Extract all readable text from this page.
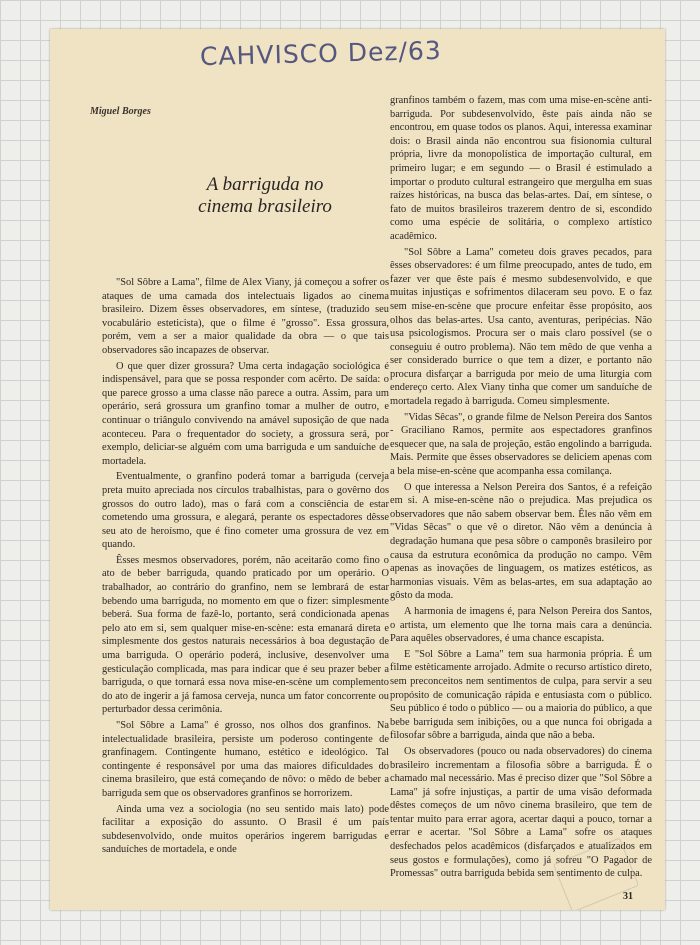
CAHVISCO Dez/63
Miguel Borges
A barriguda no
cinema brasileiro

"Sol Sôbre a Lama", filme de Alex Viany, já começou a sofrer os ataques de uma camada dos intelectuais ligados ao cinema brasileiro. Dizem êsses observadores, em síntese, (traduzido seu vocabulário esteticista), que o filme é "grosso". Essa grossura, porém, vem a ser a maior qualidade da obra — o que tais observadores são incapazes de observar.

O que quer dizer grossura? Uma certa indagação sociológica é indispensável, para que se possa responder com acêrto. De saída: o que parece grosso a uma classe não parece a outra. Assim, para um operário, será grossura um granfino tomar a mulher de outro, e continuar o triângulo convivendo na amável suposição de que nada aconteceu. Para o frequentador do society, a grossura será, por exemplo, deliciar-se alguém com uma barriguda e um sanduíche de mortadela.

Eventualmente, o granfino poderá tomar a barriguda (cerveja preta muito apreciada nos círculos trabalhistas, para o govêrno dos grossos do outro lado), mas o fará com a consciência de estar cometendo uma grossura, e alegará, perante os espectadores dêsse seu ato de heroísmo, que é fino cometer uma grossura de vez em quando.

Êsses mesmos observadores, porém, não aceitarão como fino o ato de beber barriguda, quando praticado por um operário. O trabalhador, ao contrário do granfino, nem se lembrará de estar bebendo uma barriguda, no momento em que o fizer: simplesmente beberá. Sua forma de fazê-lo, portanto, será condicionada apenas pelo ato em si, sem qualquer mise-en-scène: esta emanará direta e simplesmente dos gestos naturais necessários à boa degustação de uma barriguda. O operário poderá, inclusive, desenvolver uma gesticulação complicada, mas para indicar que é seu prazer beber a barriguda, o que tornará essa nova mise-en-scène um complemento do ato de ingerir a já famosa cerveja, nunca um fator concorrente ou perturbador dessa cerimônia.

"Sol Sôbre a Lama" é grosso, nos olhos dos granfinos. Na intelectualidade brasileira, persiste um poderoso contingente de granfinagem. Contingente humano, estético e ideológico. Tal contingente é responsável por uma das maiores dificuldades do cinema brasileiro, que está começando de nôvo: o mêdo de beber a barriguda sem que os observadores granfinos se horrorizem.

Ainda uma vez a sociologia (no seu sentido mais lato) pode facilitar a exposição do assunto. O Brasil é um país subdesenvolvido, onde muitos operários ingerem barrigudas e sanduíches de mortadela, e onde

granfinos também o fazem, mas com uma mise-en-scène anti-barriguda. Por subdesenvolvido, êste país ainda não se encontrou, em quase todos os planos. Aqui, interessa examinar dois: o Brasil ainda não encontrou sua fisionomia cultural própria, livre da monopolística de importação cultural, em primeiro lugar; e em segundo — o Brasil é estimulado a importar o produto cultural estrangeiro que mergulha em suas raízes históricas, na busca das belas-artes. Daí, em síntese, o fato de muitos brasileiros trazerem dentro de si, escondido como uma espécie de solitária, o complexo artístico acadêmico.

"Sol Sôbre a Lama" cometeu dois graves pecados, para êsses observadores: é um filme preocupado, antes de tudo, em fazer ver que êste país é mesmo subdesenvolvido, e que muitas injustiças e sofrimentos dilaceram seu povo. E o faz sem mise-en-scène que procure enfeitar êsse propósito, aos olhos das belas-artes. Usa canto, aventuras, peripécias. Não usa psicologismos. Procura ser o mais claro possível (se o conseguiu é outro problema). Não tem mêdo de que venha a ser considerado burrice o que tem a dizer, e portanto não procura disfarçar a barriguda por meio de uma liturgia com endereço certo. Alex Viany tinha que comer um sanduíche de mortadela regado à barriguda. Comeu simplesmente.

"Vidas Sêcas", o grande filme de Nelson Pereira dos Santos - Graciliano Ramos, permite aos espectadores granfinos esquecer que, na sala de projeção, estão engolindo a barriguda. Mais. Permite que êsses observadores se deliciem apenas com a bela mise-en-scène que acompanha essa comilança.

O que interessa a Nelson Pereira dos Santos, é a refeição em si. A mise-en-scène não o prejudica. Mas prejudica os observadores que não sabem observar bem. Êles não vêm em "Vidas Sêcas" o que vê o diretor. Não vêm a denúncia à degradação humana que pesa sôbre o camponês brasileiro por causa da estrutura econômica da produção no campo. Vêm apenas as inovações de linguagem, os matizes estéticos, as harmonias visuais. Vêm as belas-artes, em sua adaptação ao gôsto da moda.

A harmonia de imagens é, para Nelson Pereira dos Santos, o artista, um elemento que lhe torna mais cara a denúncia. Para aquêles observadores, é uma chance escapista.

E "Sol Sôbre a Lama" tem sua harmonia própria. É um filme estèticamente arrojado. Admite o recurso artístico direto, sem preconceitos nem sentimentos de culpa, para servir a seu propósito de comunicação rápida e entusiasta com o público. Seu público é todo o público — ou a maioria do público, a que bebe barriguda sem inibições, ou a que nunca foi obrigada a filosofar sôbre a barriguda, ainda que não a beba.

Os observadores (pouco ou nada observadores) do cinema brasileiro incrementam a filosofia sôbre a barriguda. É o chamado mal necessário. Mas é preciso dizer que "Sol Sôbre a Lama" já sofre injustiças, a partir de uma visão deformada dêstes começos de um nôvo cinema brasileiro, que tem de tentar muito para errar agora, acertar daqui a pouco, tornar a errar e acertar. "Sol Sôbre a Lama" sofre os ataques desfechados pelos acadêmicos (disfarçados e atualizados em seus gostos e formulações), como já sofreu "O Pagador de Promessas" outra barriguda bebida sem sentimento de culpa.

31
